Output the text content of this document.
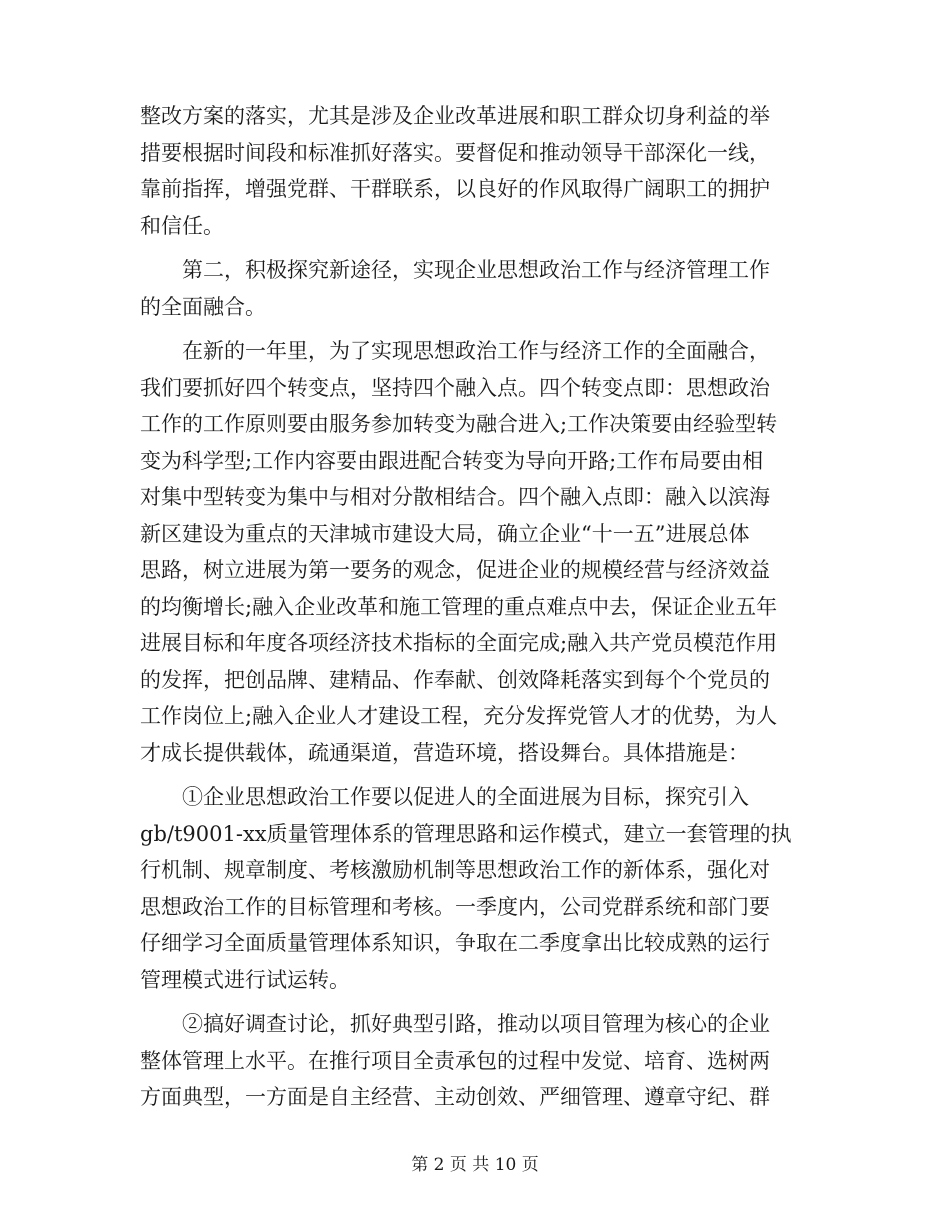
整改方案的落实，尤其是涉及企业改革进展和职工群众切身利益的举
措要根据时间段和标准抓好落实。要督促和推动领导干部深化一线，
靠前指挥，增强党群、干群联系，以良好的作风取得广阔职工的拥护
和信任。
　　第二，积极探究新途径，实现企业思想政治工作与经济管理工作
的全面融合。
　　在新的一年里，为了实现思想政治工作与经济工作的全面融合，
我们要抓好四个转变点，坚持四个融入点。四个转变点即：思想政治
工作的工作原则要由服务参加转变为融合进入;工作决策要由经验型转
变为科学型;工作内容要由跟进配合转变为导向开路;工作布局要由相
对集中型转变为集中与相对分散相结合。四个融入点即：融入以滨海
新区建设为重点的天津城市建设大局，确立企业“十一五”进展总体
思路，树立进展为第一要务的观念，促进企业的规模经营与经济效益
的均衡增长;融入企业改革和施工管理的重点难点中去，保证企业五年
进展目标和年度各项经济技术指标的全面完成;融入共产党员模范作用
的发挥，把创品牌、建精品、作奉献、创效降耗落实到每个个党员的
工作岗位上;融入企业人才建设工程，充分发挥党管人才的优势，为人
才成长提供载体，疏通渠道，营造环境，搭设舞台。具体措施是：
　　①企业思想政治工作要以促进人的全面进展为目标，探究引入
gb/t9001-xx质量管理体系的管理思路和运作模式，建立一套管理的执
行机制、规章制度、考核激励机制等思想政治工作的新体系，强化对
思想政治工作的目标管理和考核。一季度内，公司党群系统和部门要
仔细学习全面质量管理体系知识，争取在二季度拿出比较成熟的运行
管理模式进行试运转。
　　②搞好调查讨论，抓好典型引路，推动以项目管理为核心的企业
整体管理上水平。在推行项目全责承包的过程中发觉、培育、选树两
方面典型，一方面是自主经营、主动创效、严细管理、遵章守纪、群
第 2 页 共 10 页
